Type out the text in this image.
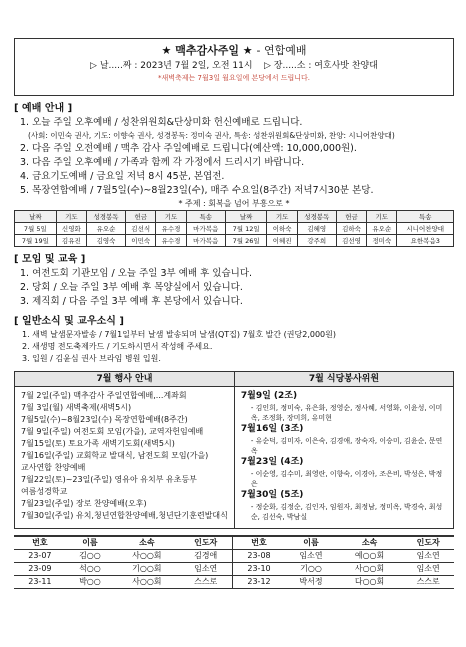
★ 맥추감사주일 ★ - 연합예배
▷ 날.....짜 : 2023년 7월 2일, 오전 11시 ▷ 장.....소 : 여호사밧 찬양대
*새벽축제는 7월3일 월요일에 본당에서 드립니다.
[ 예배 안내 ]
1. 오늘 주일 오후예배 / 성찬위원회&단상미화 헌신예배로 드립니다.
(사회: 이민숙 권사, 기도: 이향숙 권사, 성경봉독: 정미숙 권사, 특송: 성찬위원회&단상미화, 찬양: 시니어찬양대)
2. 다음 주일 오전예배 / 맥추 감사 주일예배로 드립니다(예산액: 10,000,000원).
3. 다음 주일 오후예배 / 가족과 함께 각 가정에서 드리시기 바랍니다.
4. 금요기도예배 / 금요일 저녁 8시 45분, 본엽전.
5. 목장연합예배 / 7월5일(수)~8월23일(수), 매주 수요일(8주간) 저녁7시30분 본당.
* 주제 : 회복을 넘어 부흥으로 *
날짜	기도	성경봉독	헌금	기도	특송	날짜	기도	성경봉독	헌금	기도	특송
7월 5일	신영화	유오순	김선식	유수경	마가복음	7월 12일	이하숙	김혜영	김하숙	유오순	시니어찬양대
7월 19일	김유진	김영숙	이민숙	유수경	마가복음	7월 26일	이혜진	강주희	김선영	정미숙	요한복음3
[ 모임 및 교육 ]
1. 여전도회 기관모임 / 오늘 주일 3부 예배 후 있습니다.
2. 당회 / 오늘 주일 3부 예배 후 목양실에서 있습니다.
3. 제직회 / 다음 주일 3부 예배 후 본당에서 있습니다.
[ 일반소식 및 교우소식 ]
1. 새벽 날샘문자발송 / 7월1일부터 날샘 발송되며 날샘(QT집) 7월호 발간 (권당2,000원)
2. 새생명 전도축제카드 / 기도하시면서 작성해 주세요.
3. 입원 / 김윤심 권사 브라임 병원 입원.
7월 행사 안내
7월 2일(주일) 맥추감사 주일연합예배,...계좌회
7월 3일(월) 새벽축제(새벽5시)
7월5일(수)~8월23일(수) 목장연합예배(8주간)
7월 9일(주일) 여전도회 모임(가을), 교역자헌임예배
7월15일(토) 토요가족 새벽기도회(새벽5시)
7월16일(주일) 교회학교 발대식, 남전도회 모임(가을)
교사연합 찬양예배
7월22일(토)~23일(주일) 영유아 유치부 유초등부
여름성경학교
7월23일(주일) 장로 찬양예배(오후)
7월30일(주일) 유치,청년연합찬양예배,청년단기훈련발대식
7월 식당봉사위원
7월9일 (2조)
- 김인희, 정미숙, 유은화, 정영순, 정사혜, 서영화, 이윤성, 이미옥, 조정화, 장미희, 유미현
7월16일 (3조)
- 유순덕, 김미자, 이은숙, 김경애, 장숙자, 이승미, 김윤순, 문연옥
7월23일 (4조)
- 이순영, 김수미, 최영란, 이향숙, 이경아, 조은비, 박성은, 박정은
7월30일 (5조)
- 정순화, 김정순, 김인자, 임원자, 최정남, 정미옥, 박경숙, 최성순, 김선숙, 박남실
번호	이름	소속	인도자	번호	이름	소속	인도자
23-07	김○○	사○○회	김경애	23-08	임소연	예○○회	임소연
23-09	석○○	기○○회	임소연	23-10	기○○	사○○회	임소연
23-11	박○○	사○○회	스스로	23-12	박서정	다○○회	스스로
